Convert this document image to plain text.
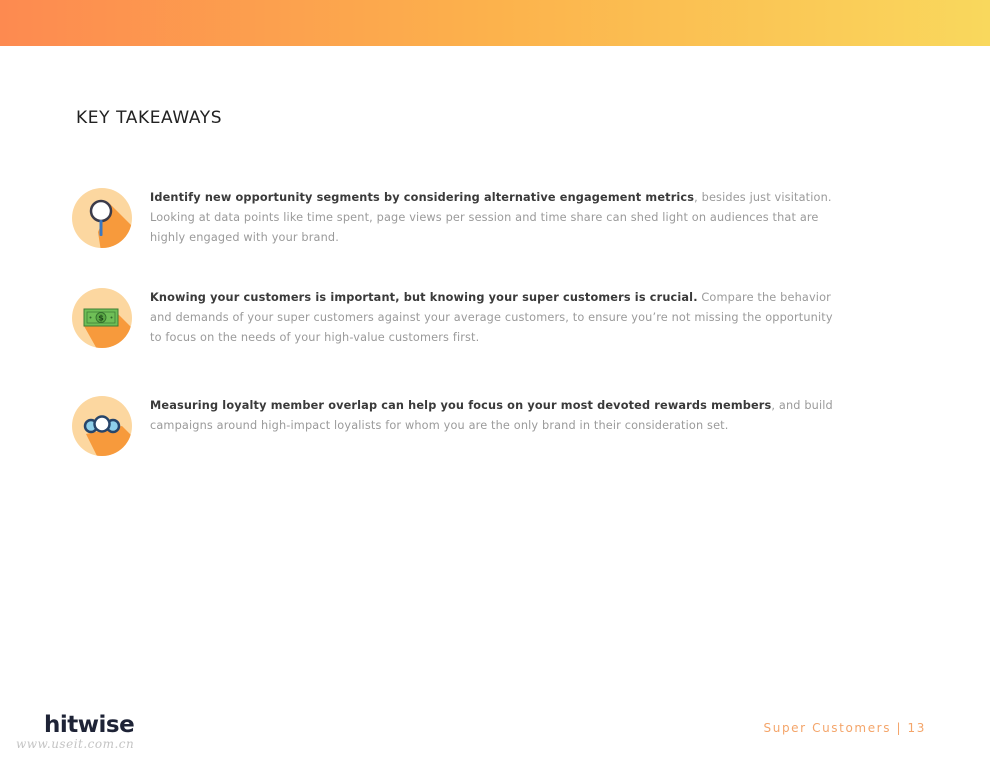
KEY TAKEAWAYS
Identify new opportunity segments by considering alternative engagement metrics, besides just visitation. Looking at data points like time spent, page views per session and time share can shed light on audiences that are highly engaged with your brand.
$
Knowing your customers is important, but knowing your super customers is crucial. Compare the behavior and demands of your super customers against your average customers, to ensure you’re not missing the opportunity to focus on the needs of your high-value customers first.
Measuring loyalty member overlap can help you focus on your most devoted rewards members, and build campaigns around high-impact loyalists for whom you are the only brand in their consideration set.
hitwise
www.useit.com.cn
Super Customers | 13
